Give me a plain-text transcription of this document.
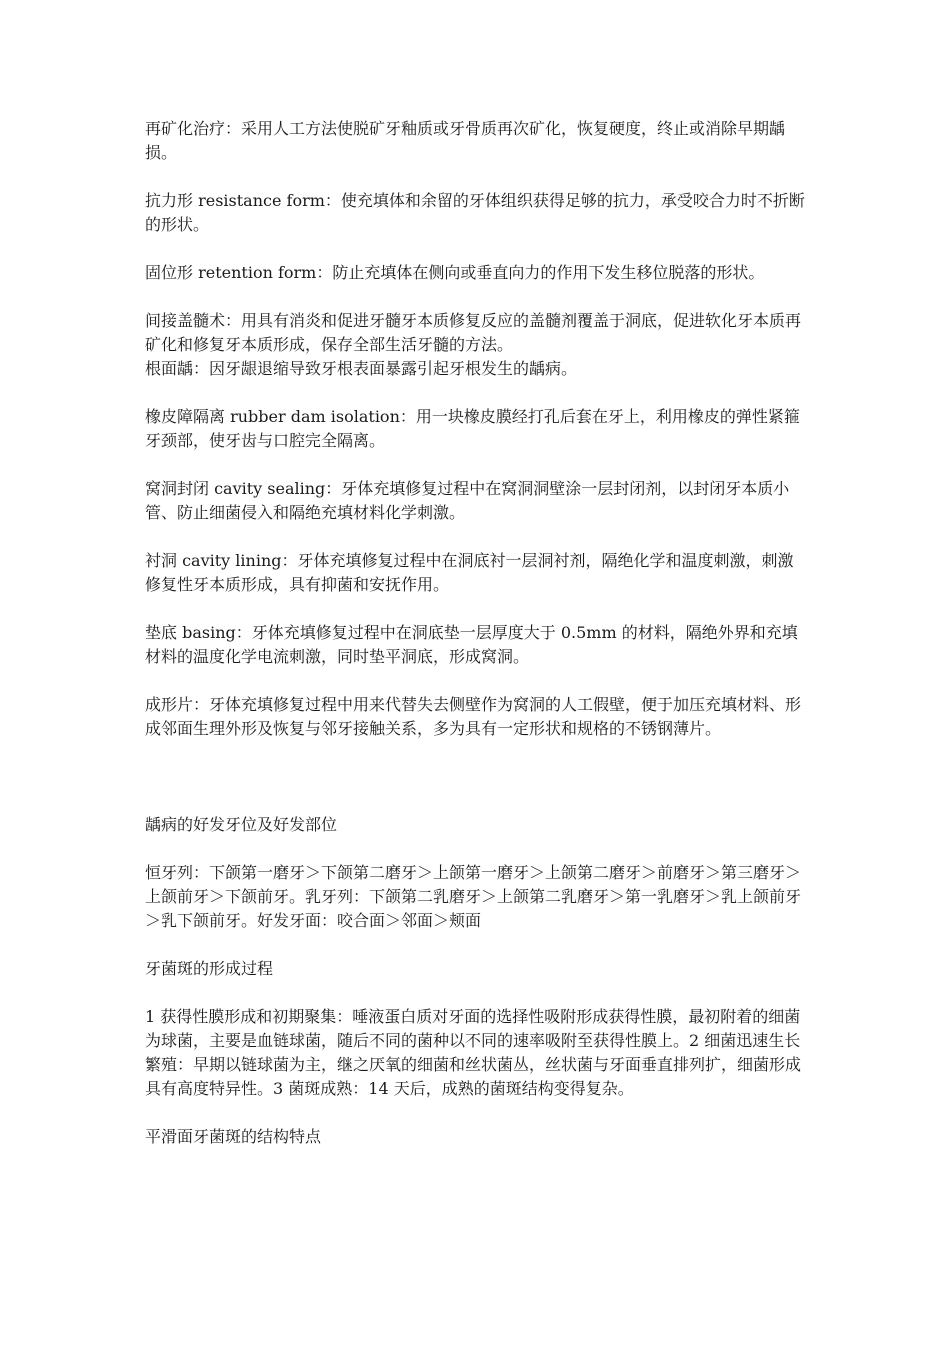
再矿化治疗：采用人工方法使脱矿牙釉质或牙骨质再次矿化，恢复硬度，终止或消除早期龋损。

抗力形 resistance form：使充填体和余留的牙体组织获得足够的抗力，承受咬合力时不折断的形状。

固位形 retention form：防止充填体在侧向或垂直向力的作用下发生移位脱落的形状。

间接盖髓术：用具有消炎和促进牙髓牙本质修复反应的盖髓剂覆盖于洞底，促进软化牙本质再矿化和修复牙本质形成，保存全部生活牙髓的方法。

根面龋：因牙龈退缩导致牙根表面暴露引起牙根发生的龋病。

橡皮障隔离 rubber dam isolation：用一块橡皮膜经打孔后套在牙上，利用橡皮的弹性紧箍牙颈部，使牙齿与口腔完全隔离。

窝洞封闭 cavity sealing：牙体充填修复过程中在窝洞洞壁涂一层封闭剂，以封闭牙本质小管、防止细菌侵入和隔绝充填材料化学刺激。

衬洞 cavity lining：牙体充填修复过程中在洞底衬一层洞衬剂，隔绝化学和温度刺激，刺激修复性牙本质形成，具有抑菌和安抚作用。

垫底 basing：牙体充填修复过程中在洞底垫一层厚度大于 0.5mm 的材料，隔绝外界和充填材料的温度化学电流刺激，同时垫平洞底，形成窝洞。

成形片：牙体充填修复过程中用来代替失去侧壁作为窝洞的人工假壁，便于加压充填材料、形成邻面生理外形及恢复与邻牙接触关系，多为具有一定形状和规格的不锈钢薄片。

龋病的好发牙位及好发部位

恒牙列：下颌第一磨牙＞下颌第二磨牙＞上颌第一磨牙＞上颌第二磨牙＞前磨牙＞第三磨牙＞上颌前牙＞下颌前牙。乳牙列：下颌第二乳磨牙＞上颌第二乳磨牙＞第一乳磨牙＞乳上颌前牙＞乳下颌前牙。好发牙面：咬合面＞邻面＞颊面

牙菌斑的形成过程

1 获得性膜形成和初期聚集：唾液蛋白质对牙面的选择性吸附形成获得性膜，最初附着的细菌为球菌，主要是血链球菌，随后不同的菌种以不同的速率吸附至获得性膜上。2 细菌迅速生长繁殖：早期以链球菌为主，继之厌氧的细菌和丝状菌丛，丝状菌与牙面垂直排列扩，细菌形成具有高度特异性。3 菌斑成熟：14 天后，成熟的菌斑结构变得复杂。

平滑面牙菌斑的结构特点
